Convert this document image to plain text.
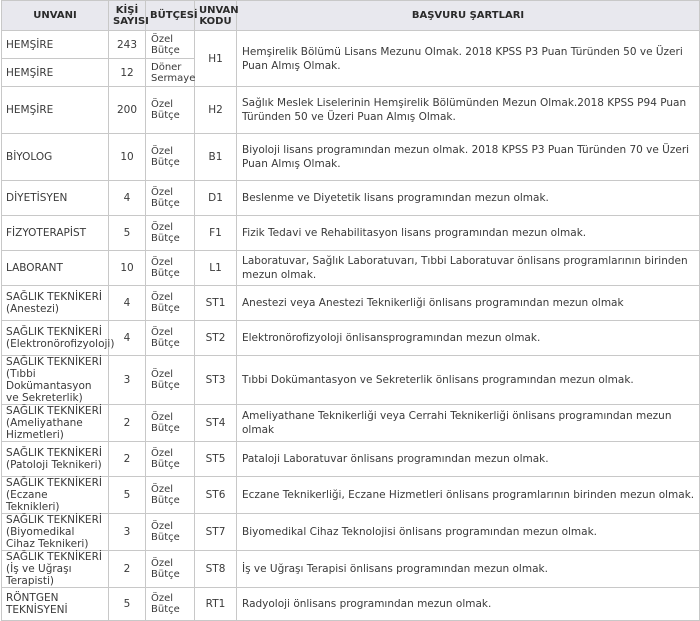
UNVANI	KİŞİ SAYISI	BÜTÇESİ	UNVAN KODU	BAŞVURU ŞARTLARI
HEMŞİRE	243	Özel Bütçe	H1	Hemşirelik Bölümü Lisans Mezunu Olmak. 2018 KPSS P3 Puan Türünden 50 ve Üzeri Puan Almış Olmak.
HEMŞİRE	12	Döner Sermaye		
HEMŞİRE	200	Özel Bütçe	H2	Sağlık Meslek Liselerinin Hemşirelik Bölümünden Mezun Olmak.2018 KPSS P94 Puan Türünden 50 ve Üzeri Puan Almış Olmak.
BİYOLOG	10	Özel Bütçe	B1	Biyoloji lisans programından mezun olmak. 2018 KPSS P3 Puan Türünden 70 ve Üzeri Puan Almış Olmak.
DİYETİSYEN	4	Özel Bütçe	D1	Beslenme ve Diyetetik lisans programından mezun olmak.
FİZYOTERAPİST	5	Özel Bütçe	F1	Fizik Tedavi ve Rehabilitasyon lisans programından mezun olmak.
LABORANT	10	Özel Bütçe	L1	Laboratuvar, Sağlık Laboratuvarı, Tıbbi Laboratuvar önlisans programlarının birinden mezun olmak.
SAĞLIK TEKNİKERİ (Anestezi)	4	Özel Bütçe	ST1	Anestezi veya Anestezi Teknikerliği önlisans programından mezun olmak
SAĞLIK TEKNİKERİ (Elektronörofizyoloji)	4	Özel Bütçe	ST2	Elektronörofizyoloji önlisansprogramından mezun olmak.
SAĞLIK TEKNİKERİ (Tıbbi Dokümantasyon ve Sekreterlik)	3	Özel Bütçe	ST3	Tıbbi Dokümantasyon ve Sekreterlik önlisans programından mezun olmak.
SAĞLIK TEKNİKERİ (Ameliyathane Hizmetleri)	2	Özel Bütçe	ST4	Ameliyathane Teknikerliği veya Cerrahi Teknikerliği önlisans programından mezun olmak
SAĞLIK TEKNİKERİ (Patoloji Teknikeri)	2	Özel Bütçe	ST5	Pataloji Laboratuvar önlisans programından mezun olmak.
SAĞLIK TEKNİKERİ (Eczane Teknikleri)	5	Özel Bütçe	ST6	Eczane Teknikerliği, Eczane Hizmetleri önlisans programlarının birinden mezun olmak.
SAĞLIK TEKNİKERİ (Biyomedikal Cihaz Teknikeri)	3	Özel Bütçe	ST7	Biyomedikal Cihaz Teknolojisi önlisans programından mezun olmak.
SAĞLIK TEKNİKERİ (İş ve Uğraşı Terapisti)	2	Özel Bütçe	ST8	İş ve Uğraşı Terapisi önlisans programından mezun olmak.
RÖNTGEN TEKNİSYENİ	5	Özel Bütçe	RT1	Radyoloji önlisans programından mezun olmak.
